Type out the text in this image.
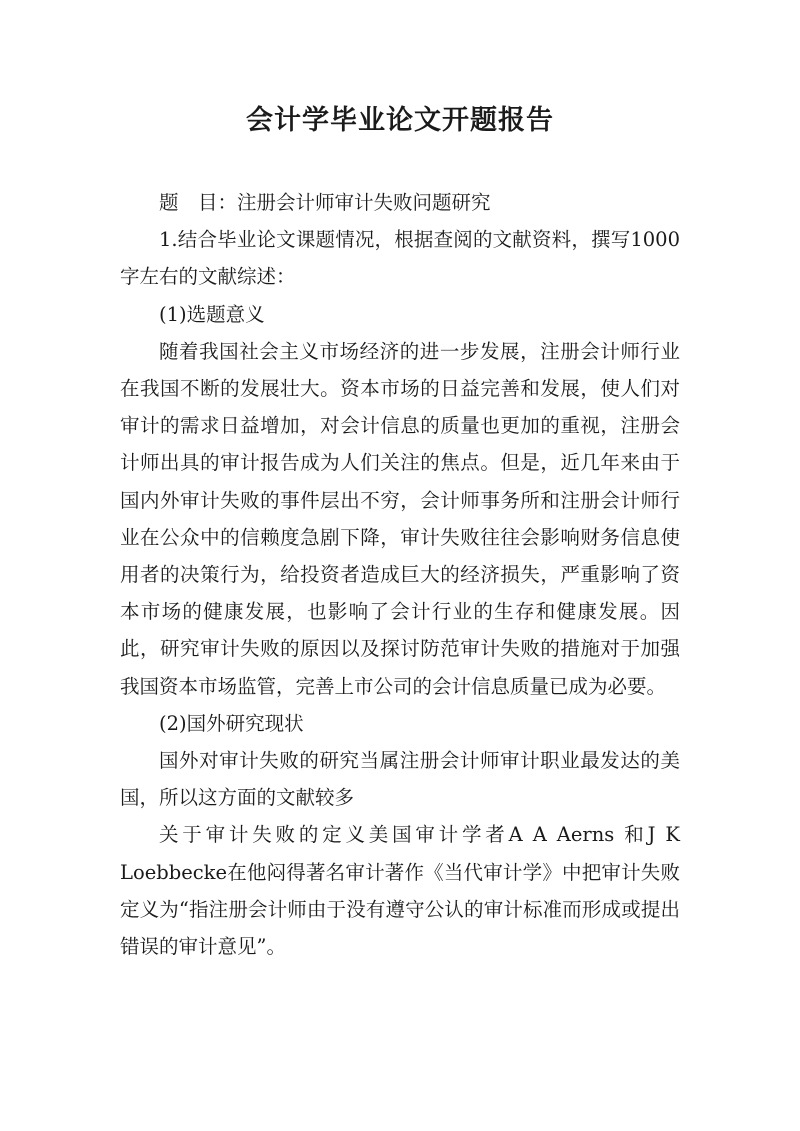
会计学毕业论文开题报告

题　目：注册会计师审计失败问题研究

1.结合毕业论文课题情况，根据查阅的文献资料，撰写1000字左右的文献综述：

(1)选题意义

随着我国社会主义市场经济的进一步发展，注册会计师行业在我国不断的发展壮大。资本市场的日益完善和发展，使人们对审计的需求日益增加，对会计信息的质量也更加的重视，注册会计师出具的审计报告成为人们关注的焦点。但是，近几年来由于国内外审计失败的事件层出不穷，会计师事务所和注册会计师行业在公众中的信赖度急剧下降，审计失败往往会影响财务信息使用者的决策行为，给投资者造成巨大的经济损失，严重影响了资本市场的健康发展，也影响了会计行业的生存和健康发展。因此，研究审计失败的原因以及探讨防范审计失败的措施对于加强我国资本市场监管，完善上市公司的会计信息质量已成为必要。

(2)国外研究现状

国外对审计失败的研究当属注册会计师审计职业最发达的美国，所以这方面的文献较多

关于审计失败的定义美国审计学者A A Aerns 和J K Loebbecke在他闷得著名审计著作《当代审计学》中把审计失败定义为“指注册会计师由于没有遵守公认的审计标准而形成或提出错误的审计意见”。
